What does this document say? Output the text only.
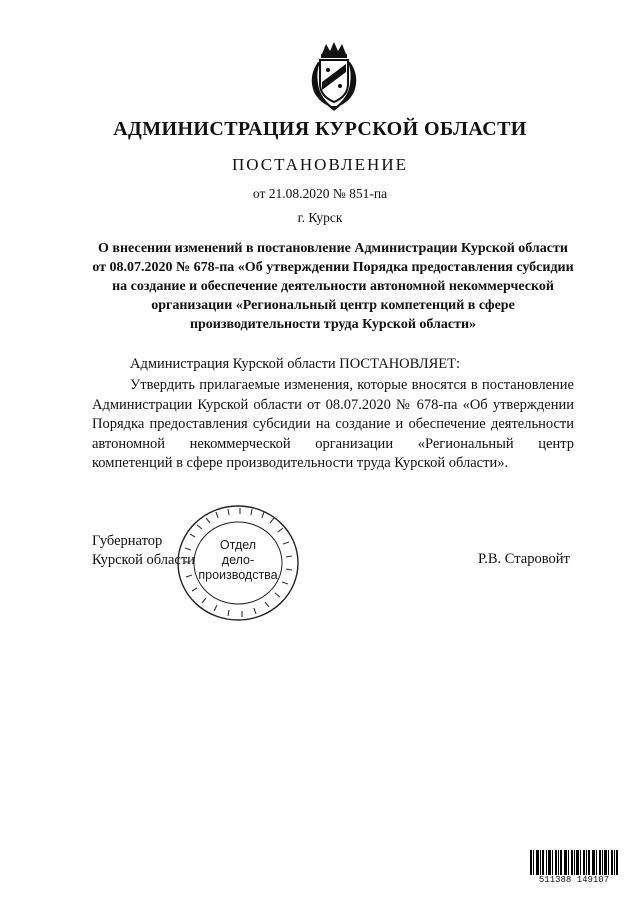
АДМИНИСТРАЦИЯ КУРСКОЙ ОБЛАСТИ
ПОСТАНОВЛЕНИЕ
от 21.08.2020 № 851-па
г. Курск
О внесении изменений в постановление Администрации Курской области от 08.07.2020 № 678-па «Об утверждении Порядка предоставления субсидии на создание и обеспечение деятельности автономной некоммерческой организации «Региональный центр компетенций в сфере производительности труда Курской области»
Администрация Курской области ПОСТАНОВЛЯЕТ:
Утвердить прилагаемые изменения, которые вносятся в постановление Администрации Курской области от 08.07.2020 № 678-па «Об утверждении Порядка предоставления субсидии на создание и обеспечение деятельности автономной некоммерческой организации «Региональный центр компетенций в сфере производительности труда Курской области».
Губернатор
Курской области	Р.В. Старовойт
Отдел
дело-
производства
511388 149107
